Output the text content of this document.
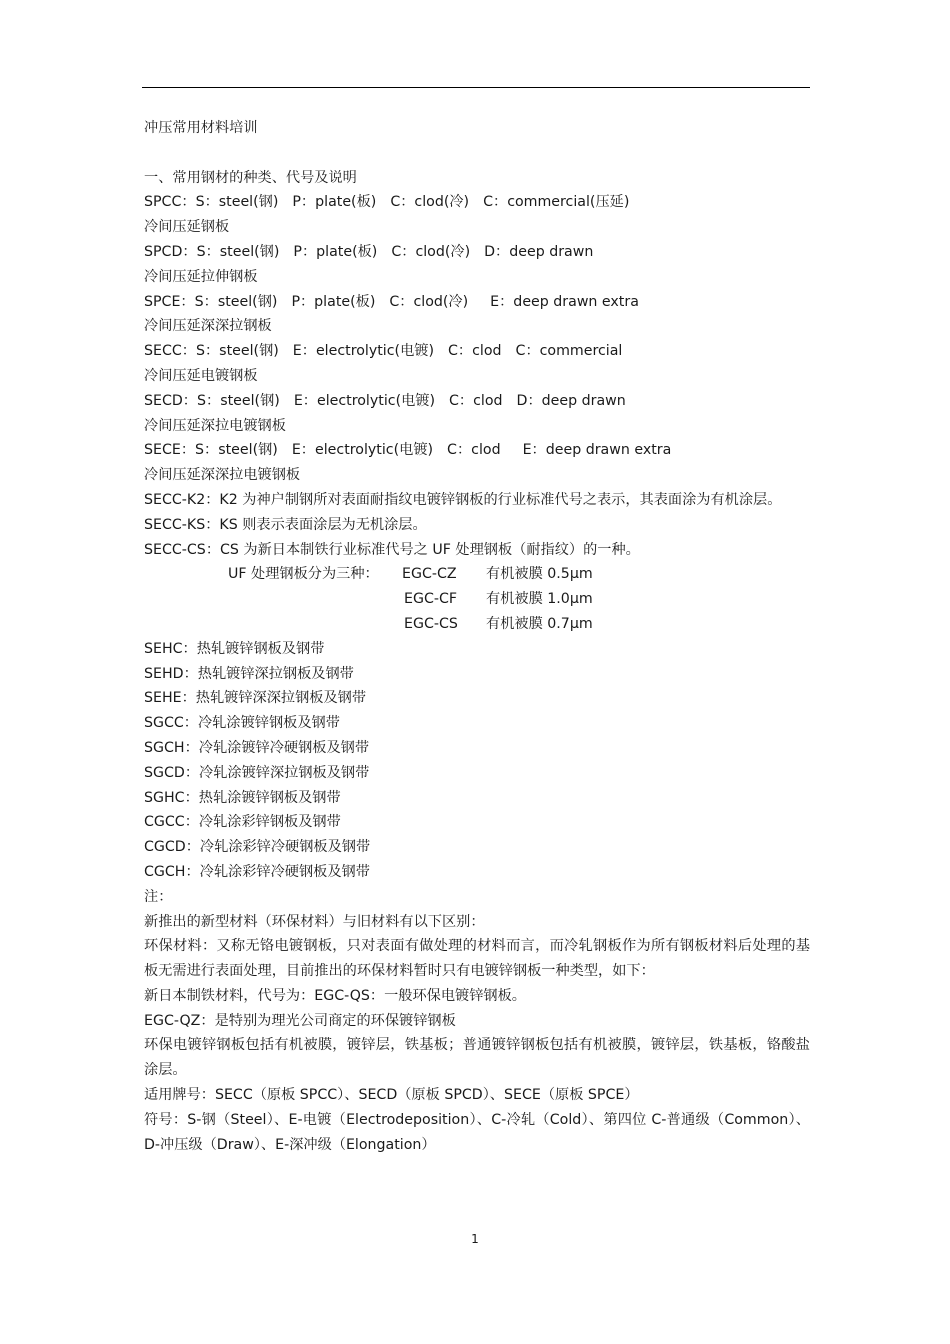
冲压常用材料培训
一、常用钢材的种类、代号及说明
SPCC：S：steel(钢) P：plate(板) C：clod(冷) C：commercial(压延)
冷间压延钢板
SPCD：S：steel(钢) P：plate(板) C：clod(冷) D：deep drawn
冷间压延拉伸钢板
SPCE：S：steel(钢) P：plate(板) C：clod(冷) E：deep drawn extra
冷间压延深深拉钢板
SECC：S：steel(钢) E：electrolytic(电镀) C：clod C：commercial
冷间压延电镀钢板
SECD：S：steel(钢) E：electrolytic(电镀) C：clod D：deep drawn
冷间压延深拉电镀钢板
SECE：S：steel(钢) E：electrolytic(电镀) C：clod E：deep drawn extra
冷间压延深深拉电镀钢板
SECC-K2：K2 为神户制钢所对表面耐指纹电镀锌钢板的行业标准代号之表示，其表面涂为有机涂层。
SECC-KS：KS 则表示表面涂层为无机涂层。
SECC-CS：CS 为新日本制铁行业标准代号之 UF 处理钢板（耐指纹）的一种。
UF 处理钢板分为三种： EGC-CZ 有机被膜 0.5μm
EGC-CF 有机被膜 1.0μm
EGC-CS 有机被膜 0.7μm
SEHC：热轧镀锌钢板及钢带
SEHD：热轧镀锌深拉钢板及钢带
SEHE：热轧镀锌深深拉钢板及钢带
SGCC：冷轧涂镀锌钢板及钢带
SGCH：冷轧涂镀锌冷硬钢板及钢带
SGCD：冷轧涂镀锌深拉钢板及钢带
SGHC：热轧涂镀锌钢板及钢带
CGCC：冷轧涂彩锌钢板及钢带
CGCD：冷轧涂彩锌冷硬钢板及钢带
CGCH：冷轧涂彩锌冷硬钢板及钢带
注：
新推出的新型材料（环保材料）与旧材料有以下区别：
环保材料：又称无铬电镀钢板，只对表面有做处理的材料而言，而冷轧钢板作为所有钢板材料后处理的基板无需进行表面处理，目前推出的环保材料暂时只有电镀锌钢板一种类型，如下：
新日本制铁材料，代号为：EGC-QS：一般环保电镀锌钢板。
EGC-QZ：是特别为理光公司商定的环保镀锌钢板
环保电镀锌钢板包括有机被膜，镀锌层，铁基板；普通镀锌钢板包括有机被膜，镀锌层，铁基板，铬酸盐涂层。
适用牌号：SECC（原板 SPCC）、SECD（原板 SPCD）、SECE（原板 SPCE）
符号：S-钢（Steel）、E-电镀（Electrodeposition）、C-冷轧（Cold）、第四位 C-普通级（Common）、D-冲压级（Draw）、E-深冲级（Elongation）
1
